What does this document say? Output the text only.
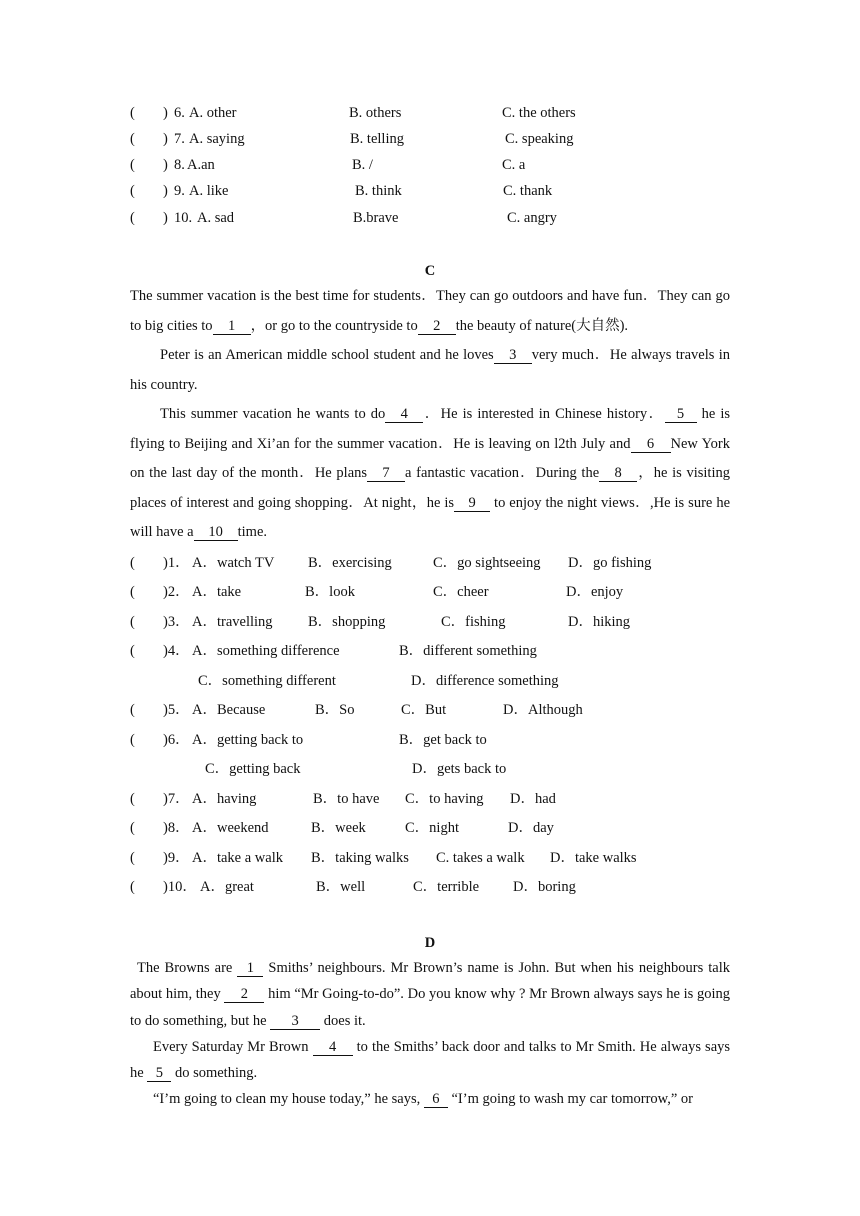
( ) 6. A. other	B. others	C. the others
( ) 7. A. saying	B. telling	C. speaking
( ) 8. A.an	B. /	C. a
( ) 9. A. like	B. think	C. thank
( ) 10. A. sad	B.brave	C. angry
C
The summer vacation is the best time for students．They can go outdoors and have fun．They can go to big cities to 1 ，or go to the countryside to 2 the beauty of nature(大自然).
Peter is an American middle school student and he loves 3 very much．He always travels in his country.
This summer vacation he wants to do 4 ．He is interested in Chinese history． 5 he is flying to Beijing and Xi’an for the summer vacation．He is leaving on l2th July and 6 New York on the last day of the month．He plans 7 a fantastic vacation．During the 8 ，he is visiting places of interest and going shopping．At night，he is 9 to enjoy the night views．,He is sure he will have a 10 time.
( )1． A．watch TV B．exercising	C．go sightseeing D．go fishing
( )2． A．take	B．look	C．cheer	D．enjoy
( )3． A．travelling B．shopping	C．fishing	D．hiking
( )4． A．something difference	B．different something
C．something different	D．difference something
( )5． A．Because	B．So	C．But	D．Although
( )6． A．getting back to	B．get back to
C．getting back	D．gets back to
( )7． A．having	B．to have C．to having D．had
( )8． A．weekend	B．week	C．night	D．day
( )9． A．take a walk B．taking walks C. takes a walk D．take walks
( )10． A．great	B．well	C．terrible D．boring
D
The Browns are 1 Smiths’ neighbours. Mr Brown’s name is John. But when his neighbours talk about him, they 2 him “Mr Going-to-do”. Do you know why ? Mr Brown always says he is going to do something, but he 3 does it.
Every Saturday Mr Brown 4 to the Smiths’ back door and talks to Mr Smith. He always says he 5 do something.
“I’m going to clean my house today,” he says, 6 “I’m going to wash my car tomorrow,” or
